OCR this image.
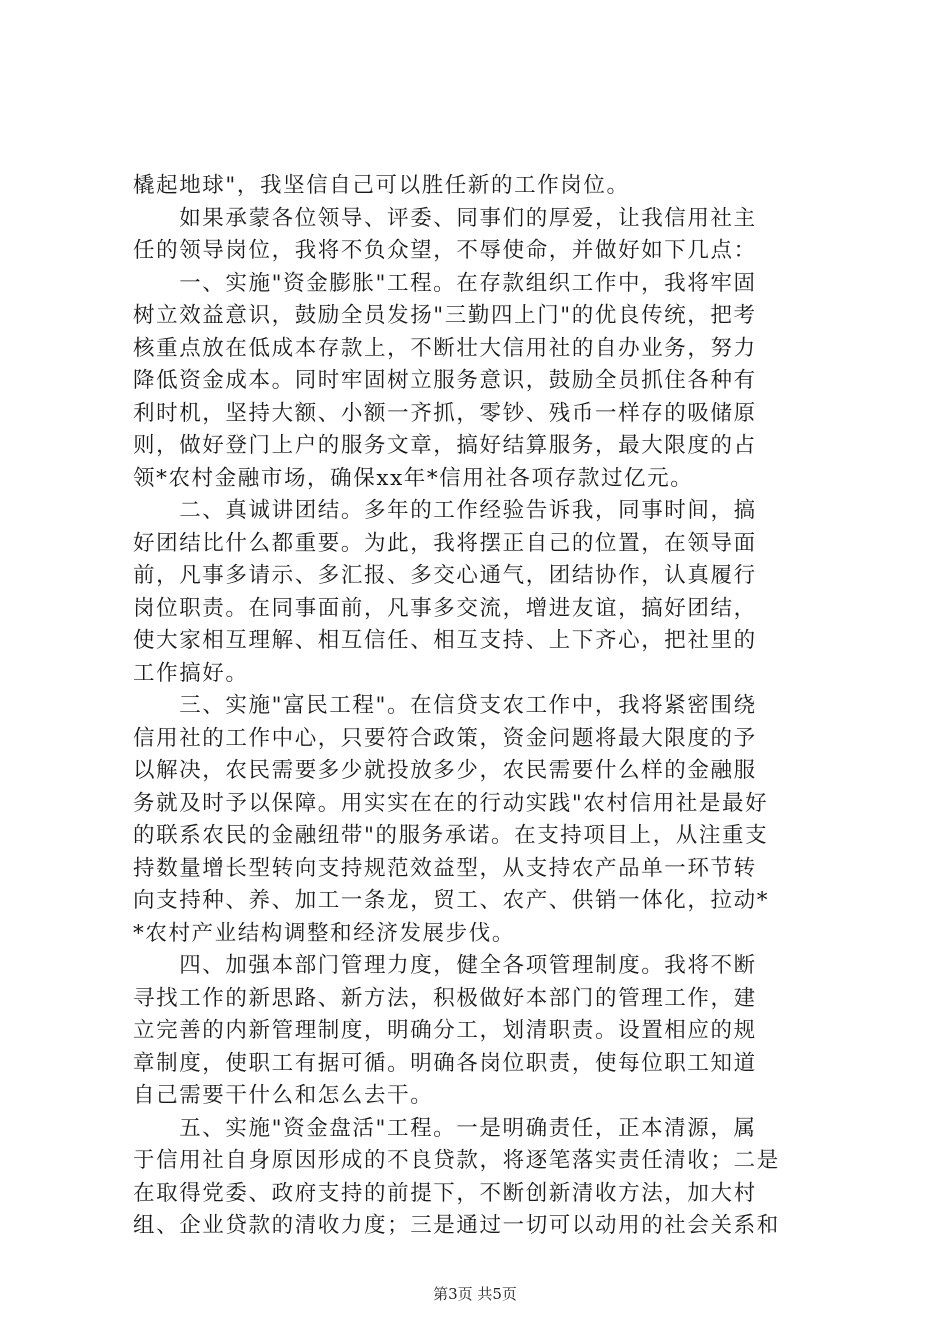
橇起地球"，我坚信自己可以胜任新的工作岗位。
　　如果承蒙各位领导、评委、同事们的厚爱，让我信用社主
任的领导岗位，我将不负众望，不辱使命，并做好如下几点：
　　一、实施"资金膨胀"工程。在存款组织工作中，我将牢固
树立效益意识，鼓励全员发扬"三勤四上门"的优良传统，把考
核重点放在低成本存款上，不断壮大信用社的自办业务，努力
降低资金成本。同时牢固树立服务意识，鼓励全员抓住各种有
利时机，坚持大额、小额一齐抓，零钞、残币一样存的吸储原
则，做好登门上户的服务文章，搞好结算服务，最大限度的占
领*农村金融市场，确保xx年*信用社各项存款过亿元。
　　二、真诚讲团结。多年的工作经验告诉我，同事时间，搞
好团结比什么都重要。为此，我将摆正自己的位置，在领导面
前，凡事多请示、多汇报、多交心通气，团结协作，认真履行
岗位职责。在同事面前，凡事多交流，增进友谊，搞好团结，
使大家相互理解、相互信任、相互支持、上下齐心，把社里的
工作搞好。
　　三、实施"富民工程"。在信贷支农工作中，我将紧密围绕
信用社的工作中心，只要符合政策，资金问题将最大限度的予
以解决，农民需要多少就投放多少，农民需要什么样的金融服
务就及时予以保障。用实实在在的行动实践"农村信用社是最好
的联系农民的金融纽带"的服务承诺。在支持项目上，从注重支
持数量增长型转向支持规范效益型，从支持农产品单一环节转
向支持种、养、加工一条龙，贸工、农产、供销一体化，拉动*
*农村产业结构调整和经济发展步伐。
　　四、加强本部门管理力度，健全各项管理制度。我将不断
寻找工作的新思路、新方法，积极做好本部门的管理工作，建
立完善的内新管理制度，明确分工，划清职责。设置相应的规
章制度，使职工有据可循。明确各岗位职责，使每位职工知道
自己需要干什么和怎么去干。
　　五、实施"资金盘活"工程。一是明确责任，正本清源，属
于信用社自身原因形成的不良贷款，将逐笔落实责任清收；二是
在取得党委、政府支持的前提下，不断创新清收方法，加大村
组、企业贷款的清收力度；三是通过一切可以动用的社会关系和
第3页 共5页
